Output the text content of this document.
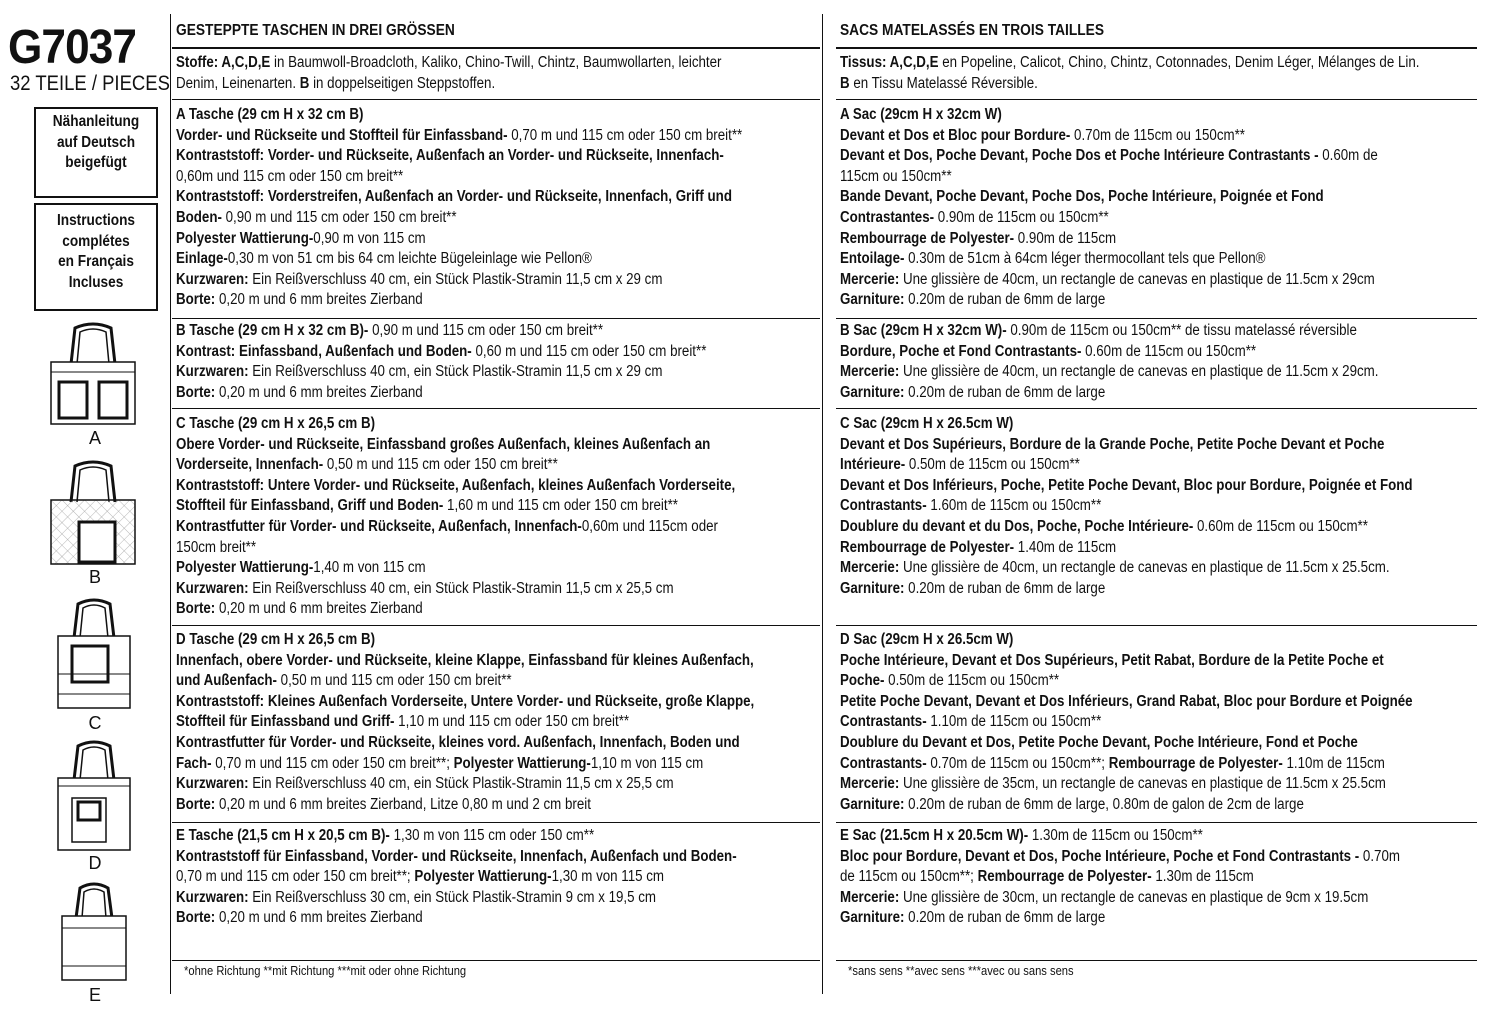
G7037
32 TEILE / PIECES
Nähanleitung
auf Deutsch
beigefügt
Instructions
complétes
en Français
Incluses
A
B
C
D
E
GESTEPPTE TASCHEN IN DREI GRÖSSEN
Stoffe: A,C,D,E in Baumwoll-Broadcloth, Kaliko, Chino-Twill, Chintz, Baumwollarten, leichter
Denim, Leinenarten. B in doppelseitigen Steppstoffen.
A Tasche (29 cm H x 32 cm B)
Vorder- und Rückseite und Stoffteil für Einfassband- 0,70 m und 115 cm oder 150 cm breit**
Kontraststoff: Vorder- und Rückseite, Außenfach an Vorder- und Rückseite, Innenfach-
0,60m und 115 cm oder 150 cm breit**
Kontraststoff: Vorderstreifen, Außenfach an Vorder- und Rückseite, Innenfach, Griff und
Boden- 0,90 m und 115 cm oder 150 cm breit**
Polyester Wattierung-0,90 m von 115 cm
Einlage-0,30 m von 51 cm bis 64 cm leichte Bügeleinlage wie Pellon®
Kurzwaren: Ein Reißverschluss 40 cm, ein Stück Plastik-Stramin 11,5 cm x 29 cm
Borte: 0,20 m und 6 mm breites Zierband
B Tasche (29 cm H x 32 cm B)- 0,90 m und 115 cm oder 150 cm breit**
Kontrast: Einfassband, Außenfach und Boden- 0,60 m und 115 cm oder 150 cm breit**
Kurzwaren: Ein Reißverschluss 40 cm, ein Stück Plastik-Stramin 11,5 cm x 29 cm
Borte: 0,20 m und 6 mm breites Zierband
C Tasche (29 cm H x 26,5 cm B)
Obere Vorder- und Rückseite, Einfassband großes Außenfach, kleines Außenfach an
Vorderseite, Innenfach- 0,50 m und 115 cm oder 150 cm breit**
Kontraststoff: Untere Vorder- und Rückseite, Außenfach, kleines Außenfach Vorderseite,
Stoffteil für Einfassband, Griff und Boden- 1,60 m und 115 cm oder 150 cm breit**
Kontrastfutter für Vorder- und Rückseite, Außenfach, Innenfach-0,60m und 115cm oder
150cm breit**
Polyester Wattierung-1,40 m von 115 cm
Kurzwaren: Ein Reißverschluss 40 cm, ein Stück Plastik-Stramin 11,5 cm x 25,5 cm
Borte: 0,20 m und 6 mm breites Zierband
D Tasche (29 cm H x 26,5 cm B)
Innenfach, obere Vorder- und Rückseite, kleine Klappe, Einfassband für kleines Außenfach,
und Außenfach- 0,50 m und 115 cm oder 150 cm breit**
Kontraststoff: Kleines Außenfach Vorderseite, Untere Vorder- und Rückseite, große Klappe,
Stoffteil für Einfassband und Griff- 1,10 m und 115 cm oder 150 cm breit**
Kontrastfutter für Vorder- und Rückseite, kleines vord. Außenfach, Innenfach, Boden und
Fach- 0,70 m und 115 cm oder 150 cm breit**; Polyester Wattierung-1,10 m von 115 cm
Kurzwaren: Ein Reißverschluss 40 cm, ein Stück Plastik-Stramin 11,5 cm x 25,5 cm
Borte: 0,20 m und 6 mm breites Zierband, Litze 0,80 m und 2 cm breit
E Tasche (21,5 cm H x 20,5 cm B)- 1,30 m von 115 cm oder 150 cm**
Kontraststoff für Einfassband, Vorder- und Rückseite, Innenfach, Außenfach und Boden-
0,70 m und 115 cm oder 150 cm breit**; Polyester Wattierung-1,30 m von 115 cm
Kurzwaren: Ein Reißverschluss 30 cm, ein Stück Plastik-Stramin 9 cm x 19,5 cm
Borte: 0,20 m und 6 mm breites Zierband
*ohne Richtung **mit Richtung ***mit oder ohne Richtung
SACS MATELASSÉS EN TROIS TAILLES
Tissus: A,C,D,E en Popeline, Calicot, Chino, Chintz, Cotonnades, Denim Léger, Mélanges de Lin.
B en Tissu Matelassé Réversible.
A Sac (29cm H x 32cm W)
Devant et Dos et Bloc pour Bordure- 0.70m de 115cm ou 150cm**
Devant et Dos, Poche Devant, Poche Dos et Poche Intérieure Contrastants - 0.60m de
115cm ou 150cm**
Bande Devant, Poche Devant, Poche Dos, Poche Intérieure, Poignée et Fond
Contrastantes- 0.90m de 115cm ou 150cm**
Rembourrage de Polyester- 0.90m de 115cm
Entoilage- 0.30m de 51cm à 64cm léger thermocollant tels que Pellon®
Mercerie: Une glissière de 40cm, un rectangle de canevas en plastique de 11.5cm x 29cm
Garniture: 0.20m de ruban de 6mm de large
B Sac (29cm H x 32cm W)- 0.90m de 115cm ou 150cm** de tissu matelassé réversible
Bordure, Poche et Fond Contrastants- 0.60m de 115cm ou 150cm**
Mercerie: Une glissière de 40cm, un rectangle de canevas en plastique de 11.5cm x 29cm.
Garniture: 0.20m de ruban de 6mm de large
C Sac (29cm H x 26.5cm W)
Devant et Dos Supérieurs, Bordure de la Grande Poche, Petite Poche Devant et Poche
Intérieure- 0.50m de 115cm ou 150cm**
Devant et Dos Inférieurs, Poche, Petite Poche Devant, Bloc pour Bordure, Poignée et Fond
Contrastants- 1.60m de 115cm ou 150cm**
Doublure du devant et du Dos, Poche, Poche Intérieure- 0.60m de 115cm ou 150cm**
Rembourrage de Polyester- 1.40m de 115cm
Mercerie: Une glissière de 40cm, un rectangle de canevas en plastique de 11.5cm x 25.5cm.
Garniture: 0.20m de ruban de 6mm de large
D Sac (29cm H x 26.5cm W)
Poche Intérieure, Devant et Dos Supérieurs, Petit Rabat, Bordure de la Petite Poche et
Poche- 0.50m de 115cm ou 150cm**
Petite Poche Devant, Devant et Dos Inférieurs, Grand Rabat, Bloc pour Bordure et Poignée
Contrastants- 1.10m de 115cm ou 150cm**
Doublure du Devant et Dos, Petite Poche Devant, Poche Intérieure, Fond et Poche
Contrastants- 0.70m de 115cm ou 150cm**; Rembourrage de Polyester- 1.10m de 115cm
Mercerie: Une glissière de 35cm, un rectangle de canevas en plastique de 11.5cm x 25.5cm
Garniture: 0.20m de ruban de 6mm de large, 0.80m de galon de 2cm de large
E Sac (21.5cm H x 20.5cm W)- 1.30m de 115cm ou 150cm**
Bloc pour Bordure, Devant et Dos, Poche Intérieure, Poche et Fond Contrastants - 0.70m
de 115cm ou 150cm**; Rembourrage de Polyester- 1.30m de 115cm
Mercerie: Une glissière de 30cm, un rectangle de canevas en plastique de 9cm x 19.5cm
Garniture: 0.20m de ruban de 6mm de large
*sans sens **avec sens ***avec ou sans sens
